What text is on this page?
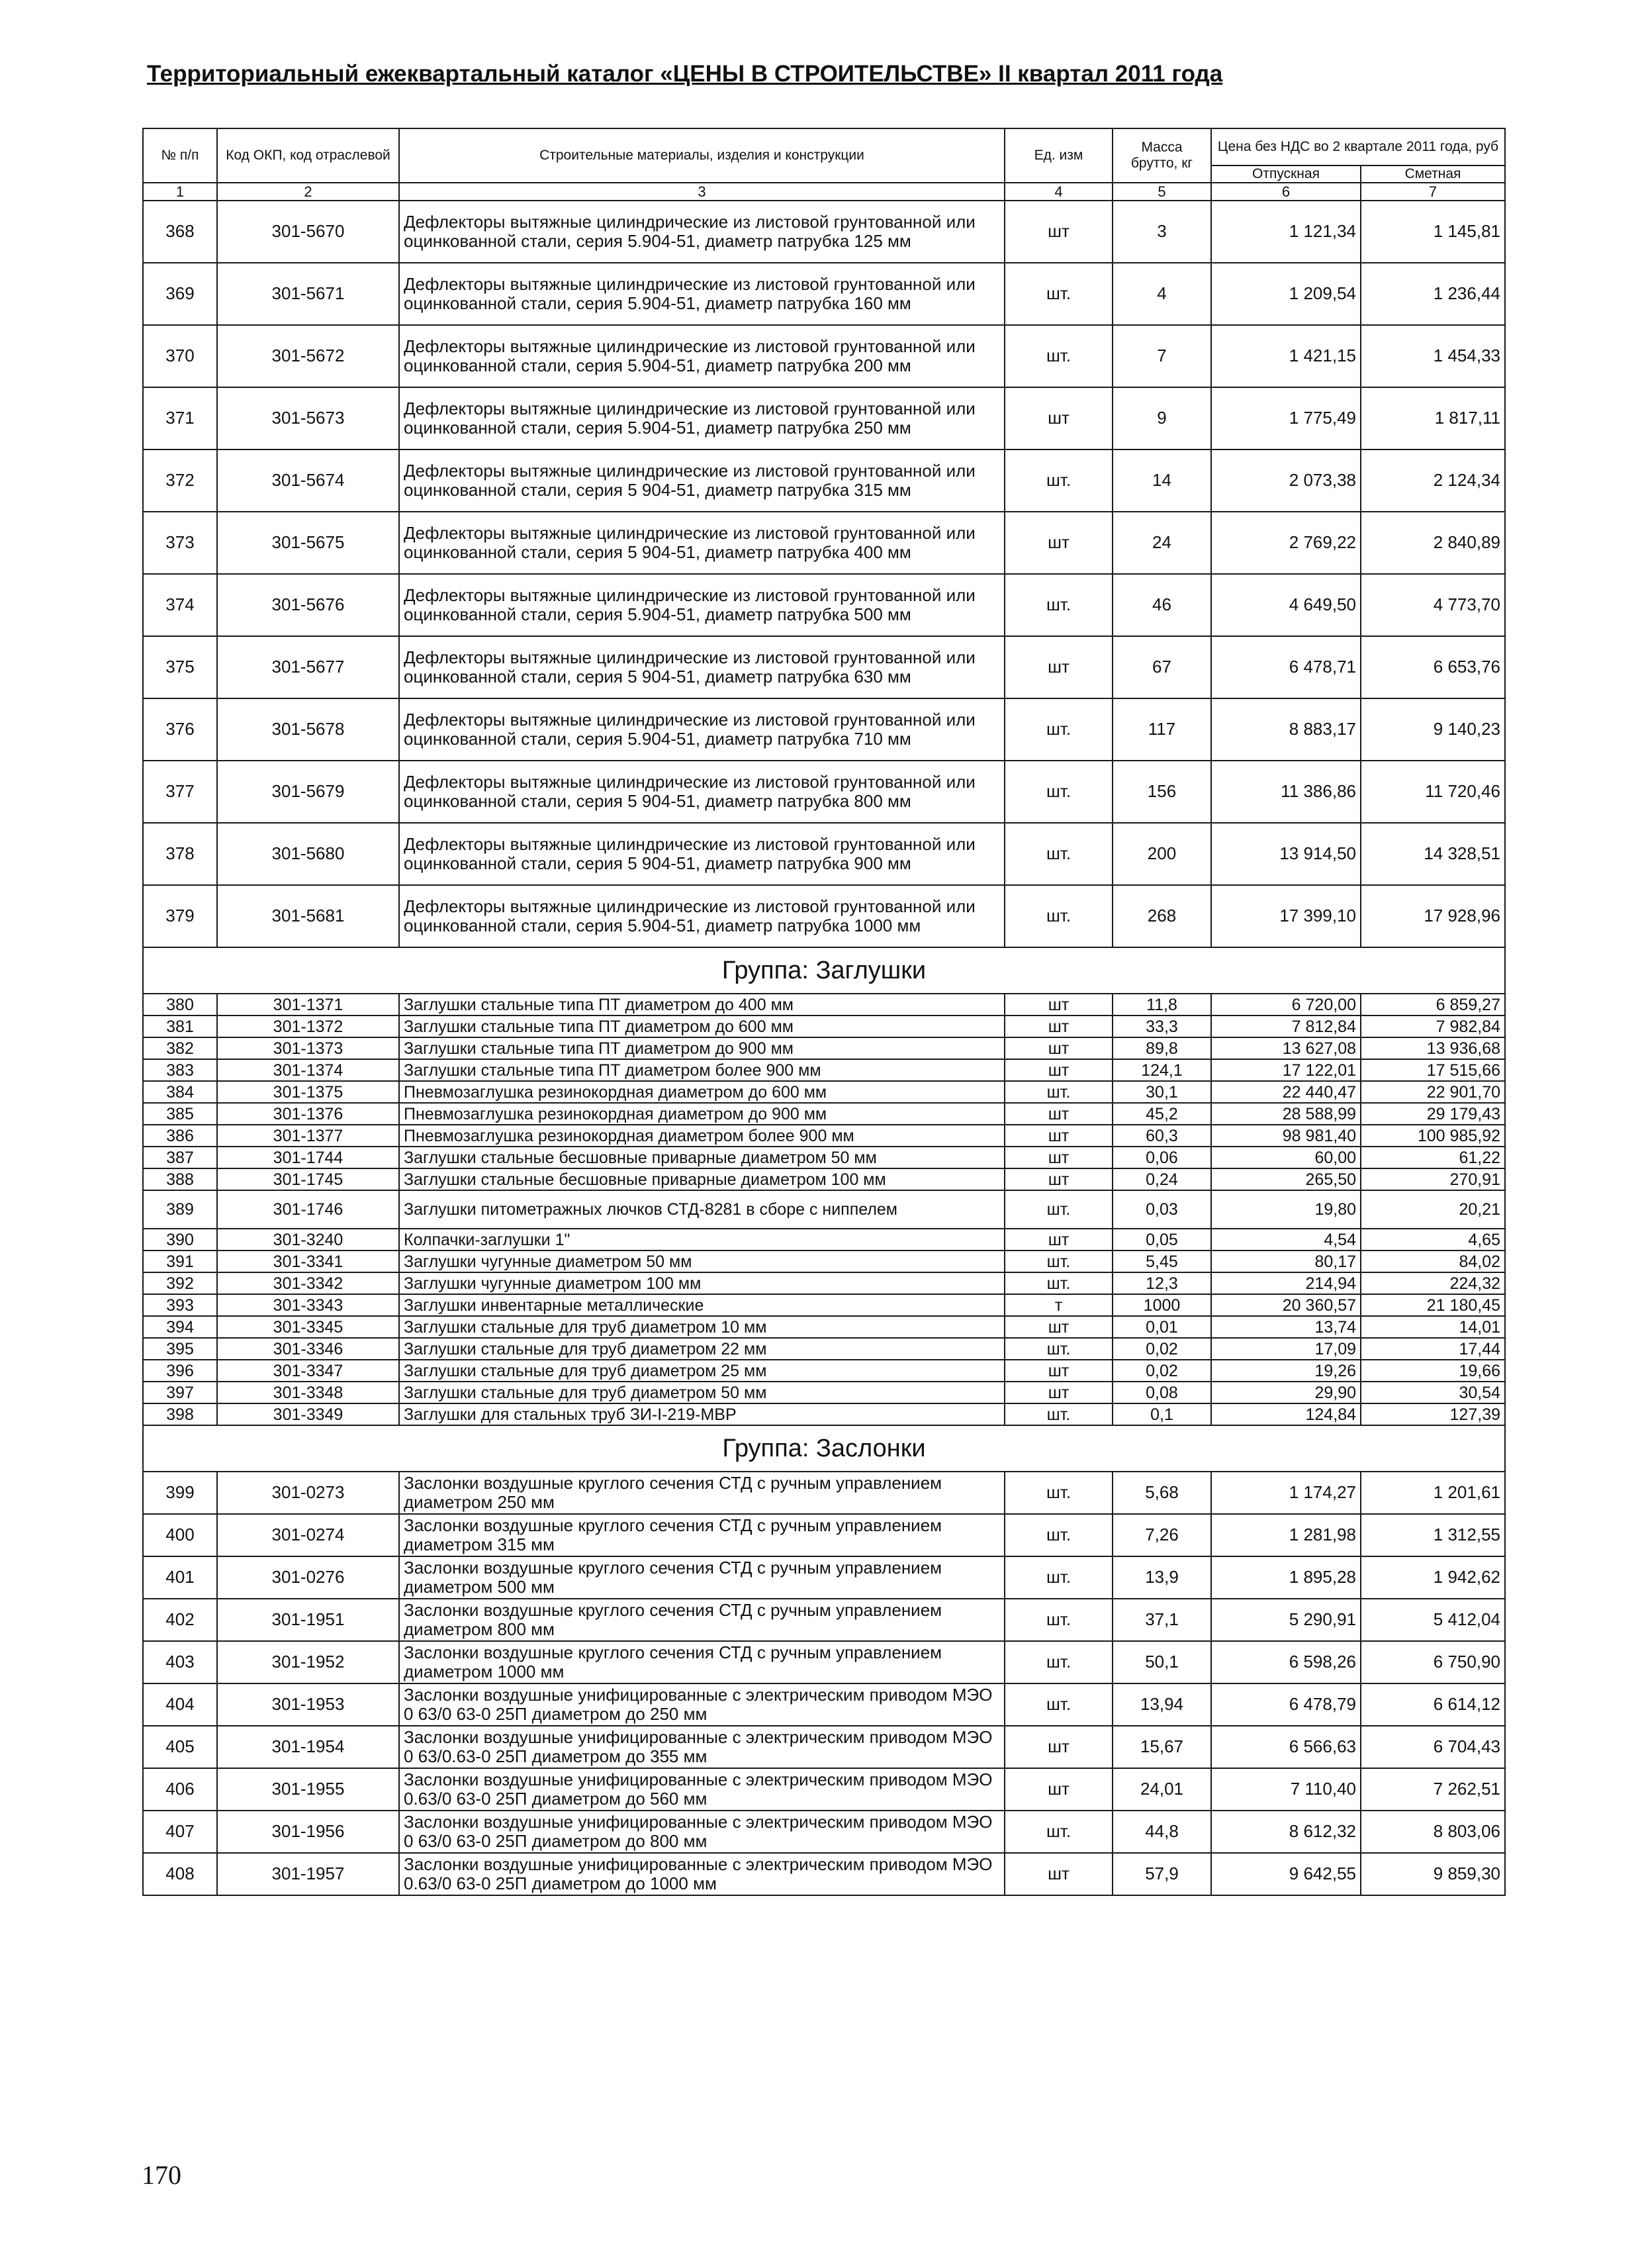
Территориальный ежеквартальный каталог «ЦЕНЫ В СТРОИТЕЛЬСТВЕ» II квартал 2011 года
№ п/п	Код ОКП, код отраслевой	Строительные материалы, изделия и конструкции	Ед. изм	Масса брутто, кг	Цена без НДС во 2 квартале 2011 года, руб	
					Отпускная	Сметная
1	2	3	4	5	6	7
368	301-5670	Дефлекторы вытяжные цилиндрические из листовой грунтованной или оцинкованной стали, серия 5.904-51, диаметр патрубка 125 мм	шт	3	1 121,34	1 145,81
369	301-5671	Дефлекторы вытяжные цилиндрические из листовой грунтованной или оцинкованной стали, серия 5.904-51, диаметр патрубка 160 мм	шт.	4	1 209,54	1 236,44
370	301-5672	Дефлекторы вытяжные цилиндрические из листовой грунтованной или оцинкованной стали, серия 5.904-51, диаметр патрубка 200 мм	шт.	7	1 421,15	1 454,33
371	301-5673	Дефлекторы вытяжные цилиндрические из листовой грунтованной или оцинкованной стали, серия 5.904-51, диаметр патрубка 250 мм	шт	9	1 775,49	1 817,11
372	301-5674	Дефлекторы вытяжные цилиндрические из листовой грунтованной или оцинкованной стали, серия 5 904-51, диаметр патрубка 315 мм	шт.	14	2 073,38	2 124,34
373	301-5675	Дефлекторы вытяжные цилиндрические из листовой грунтованной или оцинкованной стали, серия 5 904-51, диаметр патрубка 400 мм	шт	24	2 769,22	2 840,89
374	301-5676	Дефлекторы вытяжные цилиндрические из листовой грунтованной или оцинкованной стали, серия 5.904-51, диаметр патрубка 500 мм	шт.	46	4 649,50	4 773,70
375	301-5677	Дефлекторы вытяжные цилиндрические из листовой грунтованной или оцинкованной стали, серия 5 904-51, диаметр патрубка 630 мм	шт	67	6 478,71	6 653,76
376	301-5678	Дефлекторы вытяжные цилиндрические из листовой грунтованной или оцинкованной стали, серия 5.904-51, диаметр патрубка 710 мм	шт.	117	8 883,17	9 140,23
377	301-5679	Дефлекторы вытяжные цилиндрические из листовой грунтованной или оцинкованной стали, серия 5 904-51, диаметр патрубка 800 мм	шт.	156	11 386,86	11 720,46
378	301-5680	Дефлекторы вытяжные цилиндрические из листовой грунтованной или оцинкованной стали, серия 5 904-51, диаметр патрубка 900 мм	шт.	200	13 914,50	14 328,51
379	301-5681	Дефлекторы вытяжные цилиндрические из листовой грунтованной или оцинкованной стали, серия 5.904-51, диаметр патрубка 1000 мм	шт.	268	17 399,10	17 928,96
Группа: Заглушки						
380	301-1371	Заглушки стальные типа ПТ диаметром до 400 мм	шт	11,8	6 720,00	6 859,27
381	301-1372	Заглушки стальные типа ПТ диаметром до 600 мм	шт	33,3	7 812,84	7 982,84
382	301-1373	Заглушки стальные типа ПТ диаметром до 900 мм	шт	89,8	13 627,08	13 936,68
383	301-1374	Заглушки стальные типа ПТ диаметром более 900 мм	шт	124,1	17 122,01	17 515,66
384	301-1375	Пневмозаглушка резинокордная диаметром до 600 мм	шт.	30,1	22 440,47	22 901,70
385	301-1376	Пневмозаглушка резинокордная диаметром до 900 мм	шт	45,2	28 588,99	29 179,43
386	301-1377	Пневмозаглушка резинокордная диаметром более 900 мм	шт	60,3	98 981,40	100 985,92
387	301-1744	Заглушки стальные бесшовные приварные диаметром 50 мм	шт	0,06	60,00	61,22
388	301-1745	Заглушки стальные бесшовные приварные диаметром 100 мм	шт	0,24	265,50	270,91
389	301-1746	Заглушки питометражных лючков СТД-8281 в сборе с ниппелем	шт.	0,03	19,80	20,21
390	301-3240	Колпачки-заглушки 1"	шт	0,05	4,54	4,65
391	301-3341	Заглушки чугунные диаметром 50 мм	шт.	5,45	80,17	84,02
392	301-3342	Заглушки чугунные диаметром 100 мм	шт.	12,3	214,94	224,32
393	301-3343	Заглушки инвентарные металлические	т	1000	20 360,57	21 180,45
394	301-3345	Заглушки стальные для труб диаметром 10 мм	шт	0,01	13,74	14,01
395	301-3346	Заглушки стальные для труб диаметром 22 мм	шт.	0,02	17,09	17,44
396	301-3347	Заглушки стальные для труб диаметром 25 мм	шт	0,02	19,26	19,66
397	301-3348	Заглушки стальные для труб диаметром 50 мм	шт	0,08	29,90	30,54
398	301-3349	Заглушки для стальных труб ЗИ-I-219-МВР	шт.	0,1	124,84	127,39
Группа: Заслонки						
399	301-0273	Заслонки воздушные круглого сечения СТД с ручным управлением диаметром 250 мм	шт.	5,68	1 174,27	1 201,61
400	301-0274	Заслонки воздушные круглого сечения СТД с ручным управлением диаметром 315 мм	шт.	7,26	1 281,98	1 312,55
401	301-0276	Заслонки воздушные круглого сечения СТД с ручным управлением диаметром 500 мм	шт.	13,9	1 895,28	1 942,62
402	301-1951	Заслонки воздушные круглого сечения СТД с ручным управлением диаметром 800 мм	шт.	37,1	5 290,91	5 412,04
403	301-1952	Заслонки воздушные круглого сечения СТД с ручным управлением диаметром 1000 мм	шт.	50,1	6 598,26	6 750,90
404	301-1953	Заслонки воздушные унифицированные с электрическим приводом МЭО 0 63/0 63-0 25П диаметром до 250 мм	шт.	13,94	6 478,79	6 614,12
405	301-1954	Заслонки воздушные унифицированные с электрическим приводом МЭО 0 63/0.63-0 25П диаметром до 355 мм	шт	15,67	6 566,63	6 704,43
406	301-1955	Заслонки воздушные унифицированные с электрическим приводом МЭО 0.63/0 63-0 25П диаметром до 560 мм	шт	24,01	7 110,40	7 262,51
407	301-1956	Заслонки воздушные унифицированные с электрическим приводом МЭО 0 63/0 63-0 25П диаметром до 800 мм	шт.	44,8	8 612,32	8 803,06
408	301-1957	Заслонки воздушные унифицированные с электрическим приводом МЭО 0.63/0 63-0 25П диаметром до 1000 мм	шт	57,9	9 642,55	9 859,30
170
